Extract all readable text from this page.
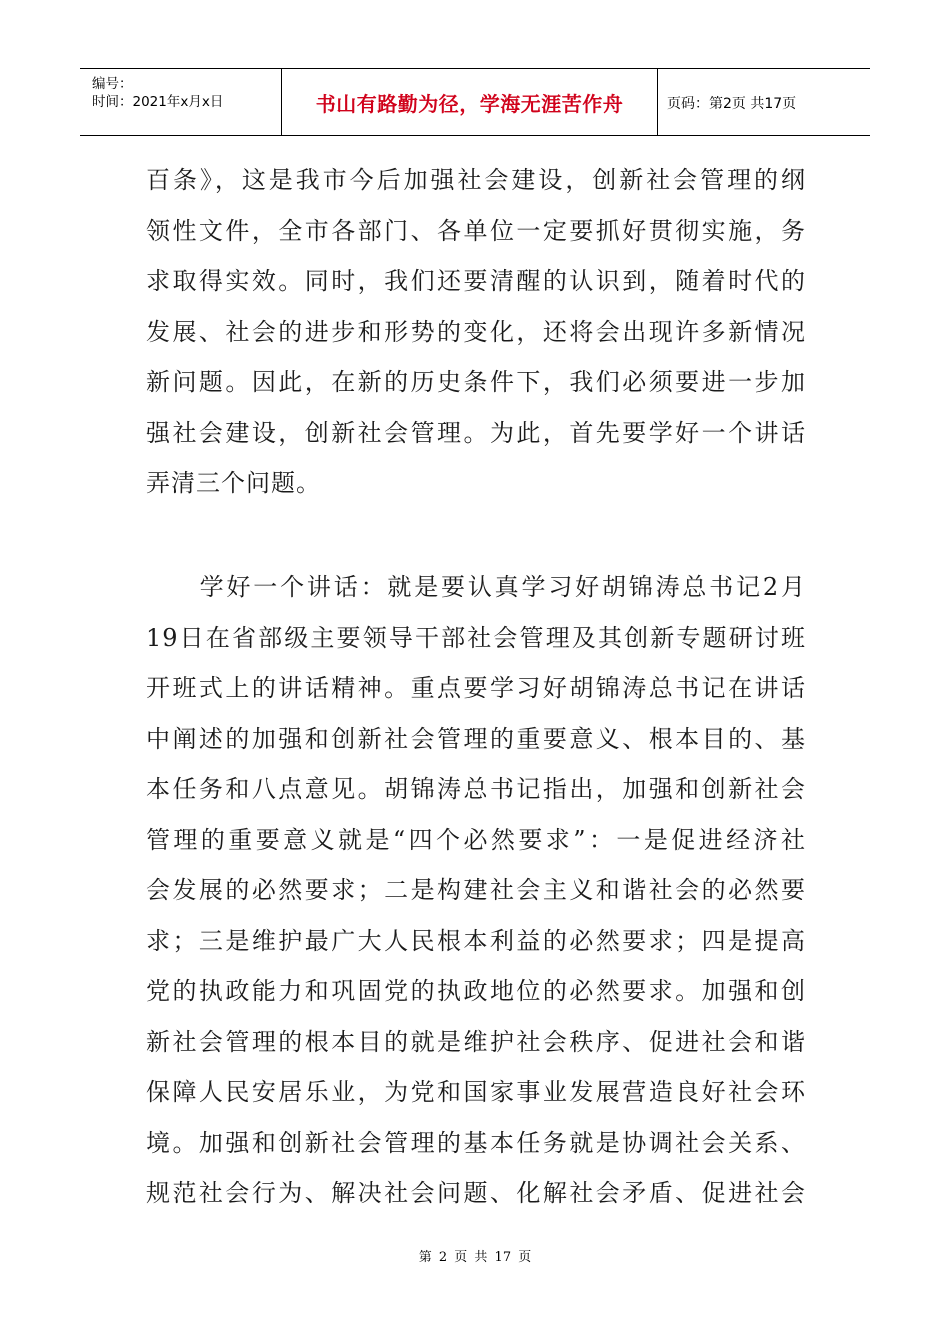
编号：
时间：2021年x月x日	书山有路勤为径，学海无涯苦作舟	页码：第2页 共17页
百条》，这是我市今后加强社会建设，创新社会管理的纲
领性文件，全市各部门、各单位一定要抓好贯彻实施，务
求取得实效。同时，我们还要清醒的认识到，随着时代的
发展、社会的进步和形势的变化，还将会出现许多新情况
新问题。因此，在新的历史条件下，我们必须要进一步加
强社会建设，创新社会管理。为此，首先要学好一个讲话
弄清三个问题。
　　学好一个讲话：就是要认真学习好胡锦涛总书记2月
19日在省部级主要领导干部社会管理及其创新专题研讨班
开班式上的讲话精神。重点要学习好胡锦涛总书记在讲话
中阐述的加强和创新社会管理的重要意义、根本目的、基
本任务和八点意见。胡锦涛总书记指出，加强和创新社会
管理的重要意义就是“四个必然要求”：一是促进经济社
会发展的必然要求；二是构建社会主义和谐社会的必然要
求；三是维护最广大人民根本利益的必然要求；四是提高
党的执政能力和巩固党的执政地位的必然要求。加强和创
新社会管理的根本目的就是维护社会秩序、促进社会和谐
保障人民安居乐业，为党和国家事业发展营造良好社会环
境。加强和创新社会管理的基本任务就是协调社会关系、
规范社会行为、解决社会问题、化解社会矛盾、促进社会
第 2 页 共 17 页
